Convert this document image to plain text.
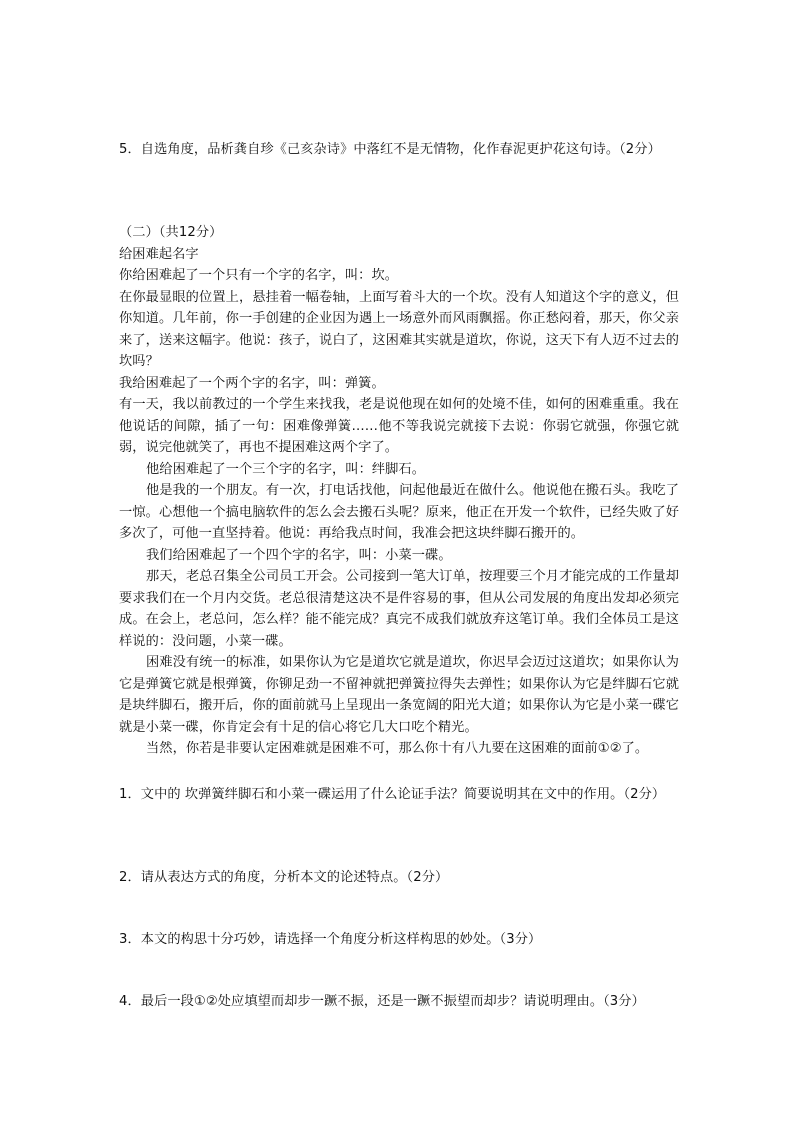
5．自选角度，品析龚自珍《己亥杂诗》中落红不是无情物，化作春泥更护花这句诗。（2分）

（二）（共12分）

给困难起名字

你给困难起了一个只有一个字的名字，叫：坎。

在你最显眼的位置上，悬挂着一幅卷轴，上面写着斗大的一个坎。没有人知道这个字的意义，但你知道。几年前，你一手创建的企业因为遇上一场意外而风雨飘摇。你正愁闷着，那天，你父亲来了，送来这幅字。他说：孩子，说白了，这困难其实就是道坎，你说，这天下有人迈不过去的坎吗？

我给困难起了一个两个字的名字，叫：弹簧。

有一天，我以前教过的一个学生来找我，老是说他现在如何的处境不佳，如何的困难重重。我在他说话的间隙，插了一句：困难像弹簧……他不等我说完就接下去说：你弱它就强，你强它就弱，说完他就笑了，再也不提困难这两个字了。

他给困难起了一个三个字的名字，叫：绊脚石。

他是我的一个朋友。有一次，打电话找他，问起他最近在做什么。他说他在搬石头。我吃了一惊。心想他一个搞电脑软件的怎么会去搬石头呢？原来，他正在开发一个软件，已经失败了好多次了，可他一直坚持着。他说：再给我点时间，我准会把这块绊脚石搬开的。

我们给困难起了一个四个字的名字，叫：小菜一碟。

那天，老总召集全公司员工开会。公司接到一笔大订单，按理要三个月才能完成的工作量却要求我们在一个月内交货。老总很清楚这决不是件容易的事，但从公司发展的角度出发却必须完成。在会上，老总问，怎么样？能不能完成？真完不成我们就放弃这笔订单。我们全体员工是这样说的：没问题，小菜一碟。

困难没有统一的标准，如果你认为它是道坎它就是道坎，你迟早会迈过这道坎；如果你认为它是弹簧它就是根弹簧，你铆足劲一不留神就把弹簧拉得失去弹性；如果你认为它是绊脚石它就是块绊脚石，搬开后，你的面前就马上呈现出一条宽阔的阳光大道；如果你认为它是小菜一碟它就是小菜一碟，你肯定会有十足的信心将它几大口吃个精光。

当然，你若是非要认定困难就是困难不可，那么你十有八九要在这困难的面前①②了。

1．文中的 坎弹簧绊脚石和小菜一碟运用了什么论证手法？简要说明其在文中的作用。（2分）

2．请从表达方式的角度，分析本文的论述特点。（2分）

3．本文的构思十分巧妙，请选择一个角度分析这样构思的妙处。（3分）

4．最后一段①②处应填望而却步一蹶不振，还是一蹶不振望而却步？请说明理由。（3分）
